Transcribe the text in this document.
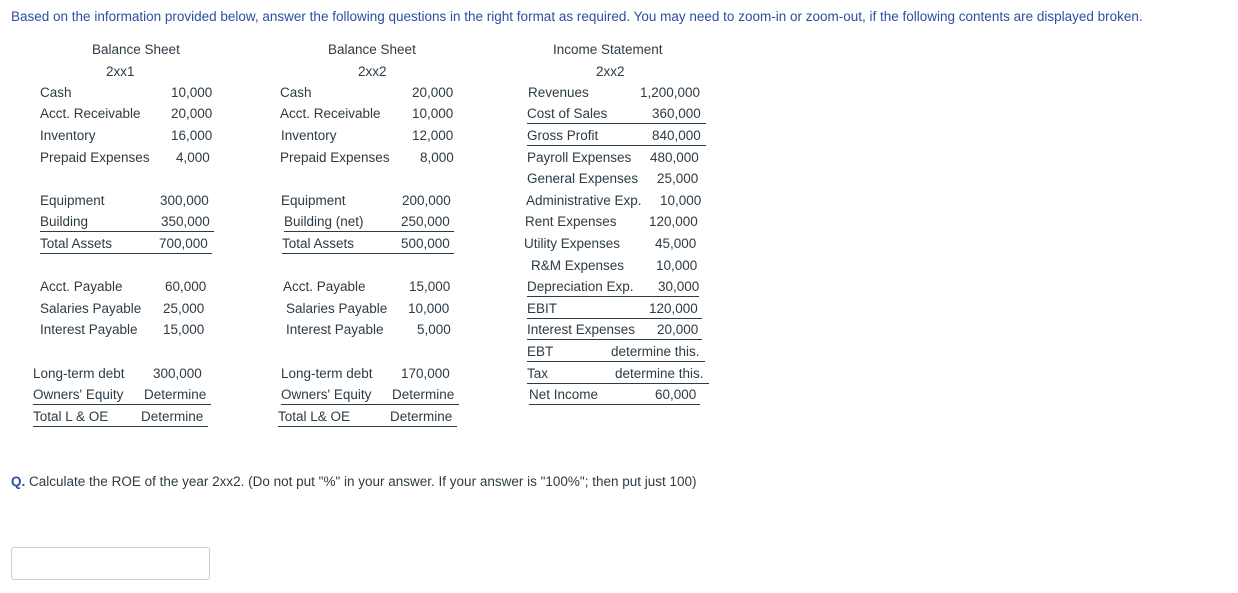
Based on the information provided below, answer the following questions in the right format as required. You may need to zoom-in or zoom-out, if the following contents are displayed broken.
Balance Sheet
2xx1
Cash	10,000
Acct. Receivable 20,000
Inventory	16,000
Prepaid Expenses 4,000
Equipment	300,000
Building	350,000
Total Assets	700,000
Acct. Payable	60,000
Salaries Payable 25,000
Interest Payable 15,000
Long-term debt 300,000
Owners' Equity Determine
Total L & OE Determine
Balance Sheet
2xx2
Cash	20,000
Acct. Receivable 10,000
Inventory	12,000
Prepaid Expenses 8,000
Equipment	200,000
Building (net)	250,000
Total Assets	500,000
Acct. Payable	15,000
Salaries Payable 10,000
Interest Payable 5,000
Long-term debt 170,000
Owners' Equity Determine
Total L& OE	Determine
Income Statement
2xx2
Revenues	1,200,000
Cost of Sales	360,000
Gross Profit	840,000
Payroll Expenses 480,000
General Expenses 25,000
Administrative Exp. 10,000
Rent Expenses 120,000
Utility Expenses	45,000
R&M Expenses 10,000
Depreciation Exp. 30,000
EBIT	120,000
Interest Expenses 20,000
EBT	determine this.
Tax	determine this.
Net Income	60,000
Q. Calculate the ROE of the year 2xx2. (Do not put "%" in your answer. If your answer is "100%"; then put just 100)
